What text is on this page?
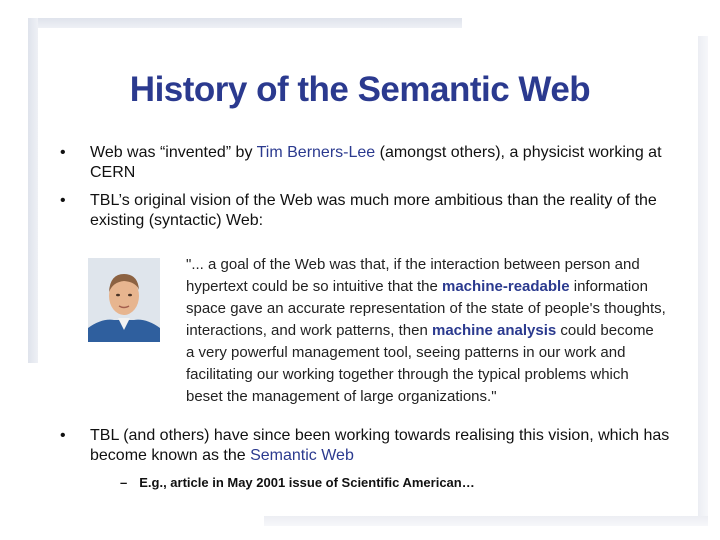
History of the Semantic Web
• Web was “invented” by Tim Berners-Lee (amongst others), a physicist working at CERN
• TBL’s original vision of the Web was much more ambitious than the reality of the existing (syntactic) Web:
"... a goal of the Web was that, if the interaction between person and hypertext could be so intuitive that the machine-readable information space gave an accurate representation of the state of people's thoughts, interactions, and work patterns, then machine analysis could become a very powerful management tool, seeing patterns in our work and facilitating our working together through the typical problems which beset the management of large organizations."
• TBL (and others) have since been working towards realising this vision, which has become known as the Semantic Web
– E.g., article in May 2001 issue of Scientific American…
